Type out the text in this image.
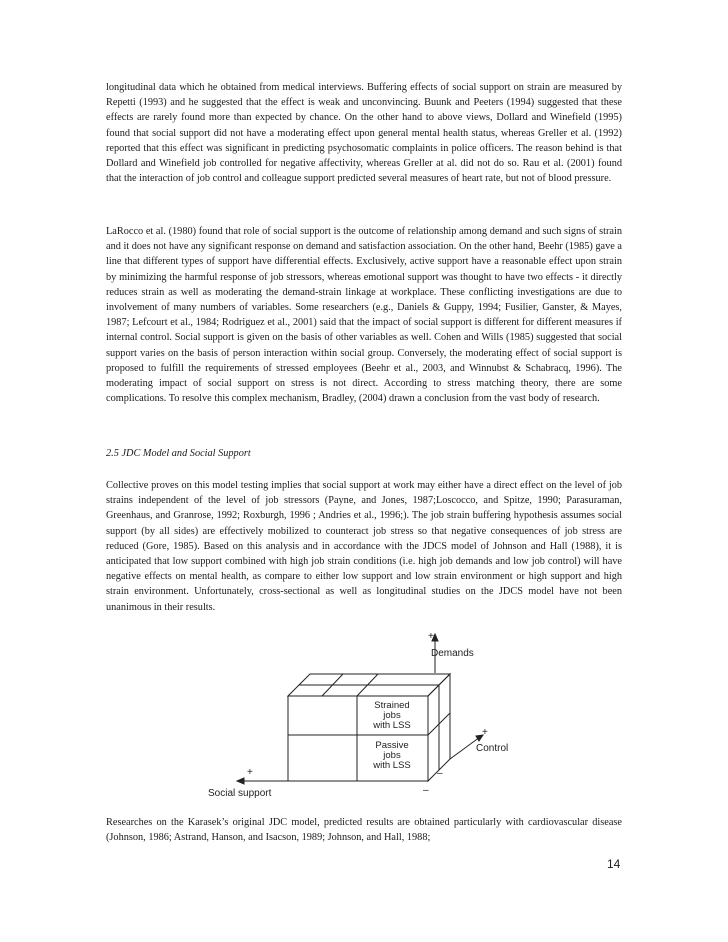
longitudinal data which he obtained from medical interviews. Buffering effects of social support on strain are measured by Repetti (1993) and he suggested that the effect is weak and unconvincing. Buunk and Peeters (1994) suggested that these effects are rarely found more than expected by chance. On the other hand to above views, Dollard and Winefield (1995) found that social support did not have a moderating effect upon general mental health status, whereas Greller et al. (1992) reported that this effect was significant in predicting psychosomatic complaints in police officers. The reason behind is that Dollard and Winefield job controlled for negative affectivity, whereas Greller at al. did not do so. Rau et al. (2001) found that the interaction of job control and colleague support predicted several measures of heart rate, but not of blood pressure.

LaRocco et al. (1980) found that role of social support is the outcome of relationship among demand and such signs of strain and it does not have any significant response on demand and satisfaction association. On the other hand, Beehr (1985) gave a line that different types of support have differential effects. Exclusively, active support have a reasonable effect upon strain by minimizing the harmful response of job stressors, whereas emotional support was thought to have two effects - it directly reduces strain as well as moderating the demand-strain linkage at workplace. These conflicting investigations are due to involvement of many numbers of variables. Some researchers (e.g., Daniels & Guppy, 1994; Fusilier, Ganster, & Mayes, 1987; Lefcourt et al., 1984; Rodriguez et al., 2001) said that the impact of social support is different for different measures if internal control. Social support is given on the basis of other variables as well. Cohen and Wills (1985) suggested that social support varies on the basis of person interaction within social group. Conversely, the moderating effect of social support is proposed to fulfill the requirements of stressed employees (Beehr et al., 2003, and Winnubst & Schabracq, 1996). The moderating impact of social support on stress is not direct. According to stress matching theory, there are some complications. To resolve this complex mechanism, Bradley, (2004) drawn a conclusion from the vast body of research.

2.5 JDC Model and Social Support

Collective proves on this model testing implies that social support at work may either have a direct effect on the level of job strains independent of the level of job stressors (Payne, and Jones, 1987;Loscocco, and Spitze, 1990; Parasuraman, Greenhaus, and Granrose, 1992; Roxburgh, 1996 ; Andries et al., 1996;). The job strain buffering hypothesis assumes social support (by all sides) are effectively mobilized to counteract job stress so that negative consequences of job stress are reduced (Gore, 1985). Based on this analysis and in accordance with the JDCS model of Johnson and Hall (1988), it is anticipated that low support combined with high job strain conditions (i.e. high job demands and low job control) will have negative effects on mental health, as compare to either low support and low strain environment or high support and high strain environment. Unfortunately, cross-sectional as well as longitudinal studies on the JDCS model have not been unanimous in their results.

Demands
+
Control
+
–
–
+
Social support
Strained
jobs
with LSS
Passive
jobs
with LSS

Researches on the Karasek’s original JDC model, predicted results are obtained particularly with cardiovascular disease (Johnson, 1986; Astrand, Hanson, and Isacson, 1989; Johnson, and Hall, 1988;

14
